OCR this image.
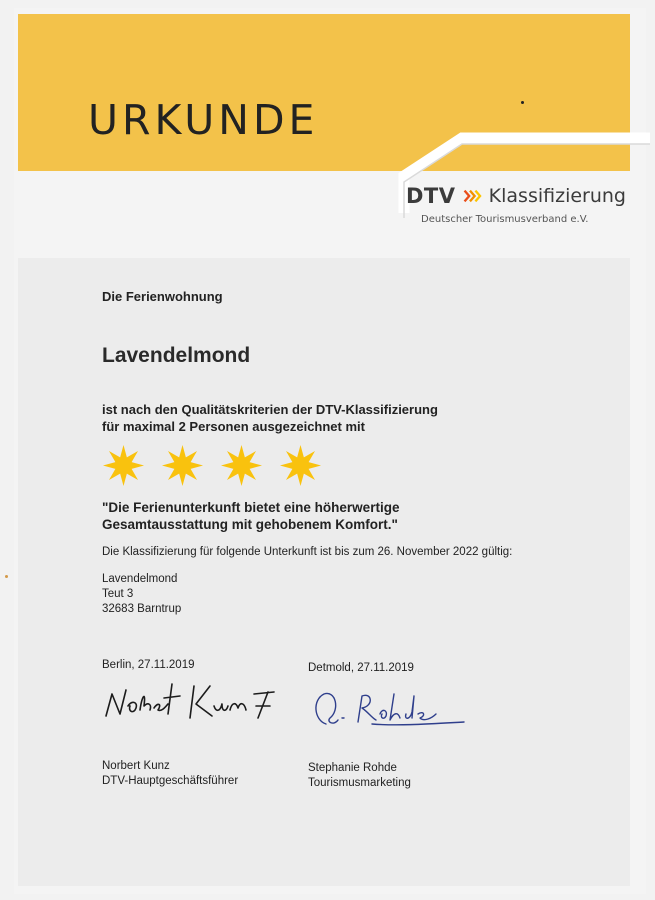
URKUNDE
DTV Klassifizierung
Deutscher Tourismusverband e.V.
Die Ferienwohnung
Lavendelmond
ist nach den Qualitätskriterien der DTV-Klassifizierung
für maximal 2 Personen ausgezeichnet mit
"Die Ferienunterkunft bietet eine höherwertige
Gesamtausstattung mit gehobenem Komfort."
Die Klassifizierung für folgende Unterkunft ist bis zum 26. November 2022 gültig:
Lavendelmond
Teut 3
32683 Barntrup
Berlin, 27.11.2019	Detmold, 27.11.2019
Norbert Kunz
DTV-Hauptgeschäftsführer
Stephanie Rohde
Tourismusmarketing
